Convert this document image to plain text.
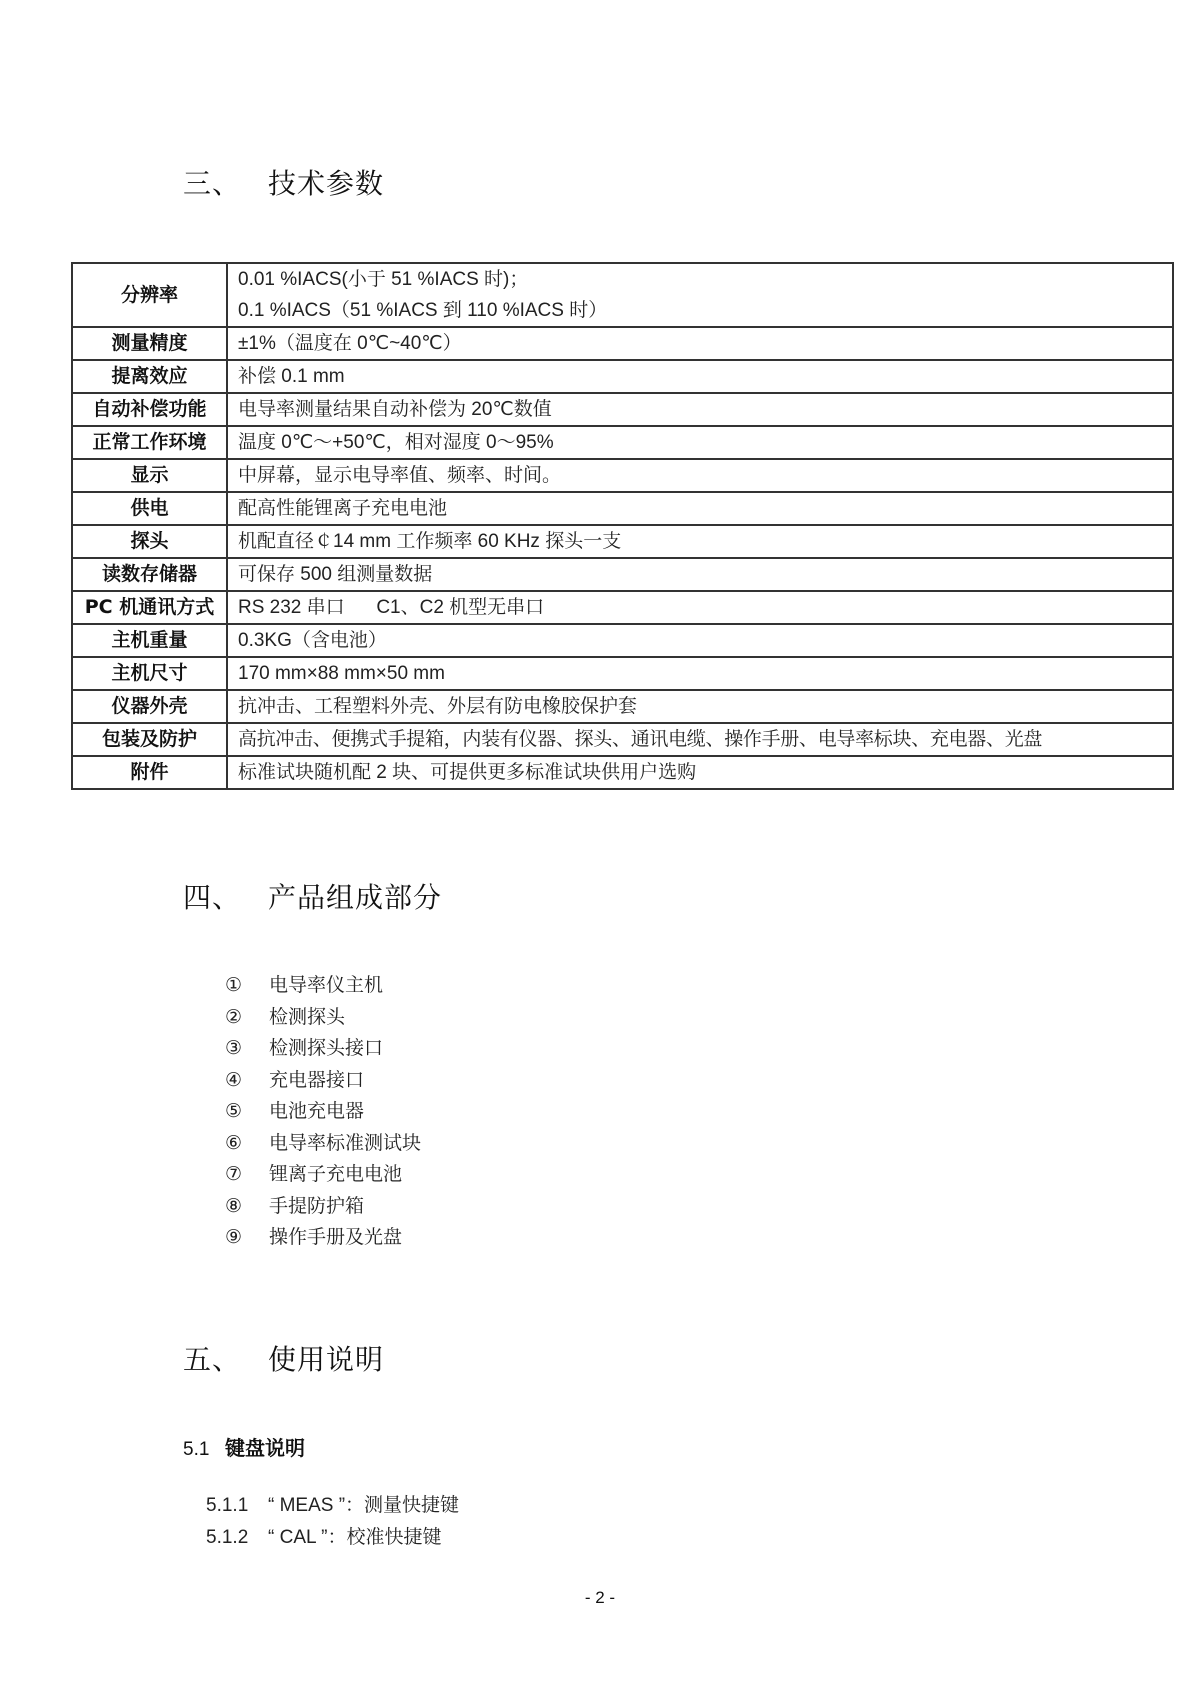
三、 技术参数
分辨率	0.01 %IACS(小于 51 %IACS 时)；
0.1 %IACS（51 %IACS 到 110 %IACS 时）

测量精度	±1%（温度在 0℃~40℃）
提离效应	补偿 0.1 mm
自动补偿功能	电导率测量结果自动补偿为 20℃数值
正常工作环境	温度 0℃～+50℃，相对湿度 0～95%
显示	中屏幕，显示电导率值、频率、时间。
供电	配高性能锂离子充电电池
探头	机配直径￠14 mm 工作频率 60 KHz 探头一支
读数存储器	可保存 500 组测量数据
PC 机通讯方式	RS 232 串口      C1、C2 机型无串口
主机重量	0.3KG（含电池）
主机尺寸	170 mm×88 mm×50 mm
仪器外壳	抗冲击、工程塑料外壳、外层有防电橡胶保护套
包装及防护	高抗冲击、便携式手提箱，内装有仪器、探头、通讯电缆、操作手册、电导率标块、充电器、光盘
附件	标准试块随机配 2 块、可提供更多标准试块供用户选购
四、 产品组成部分
① 电导率仪主机
② 检测探头
③ 检测探头接口
④ 充电器接口
⑤ 电池充电器
⑥ 电导率标准测试块
⑦ 锂离子充电电池
⑧ 手提防护箱
⑨ 操作手册及光盘
五、 使用说明
5.1 键盘说明
5.1.1 “ MEAS ”：测量快捷键
5.1.2 “ CAL ”：校准快捷键
- 2 -
